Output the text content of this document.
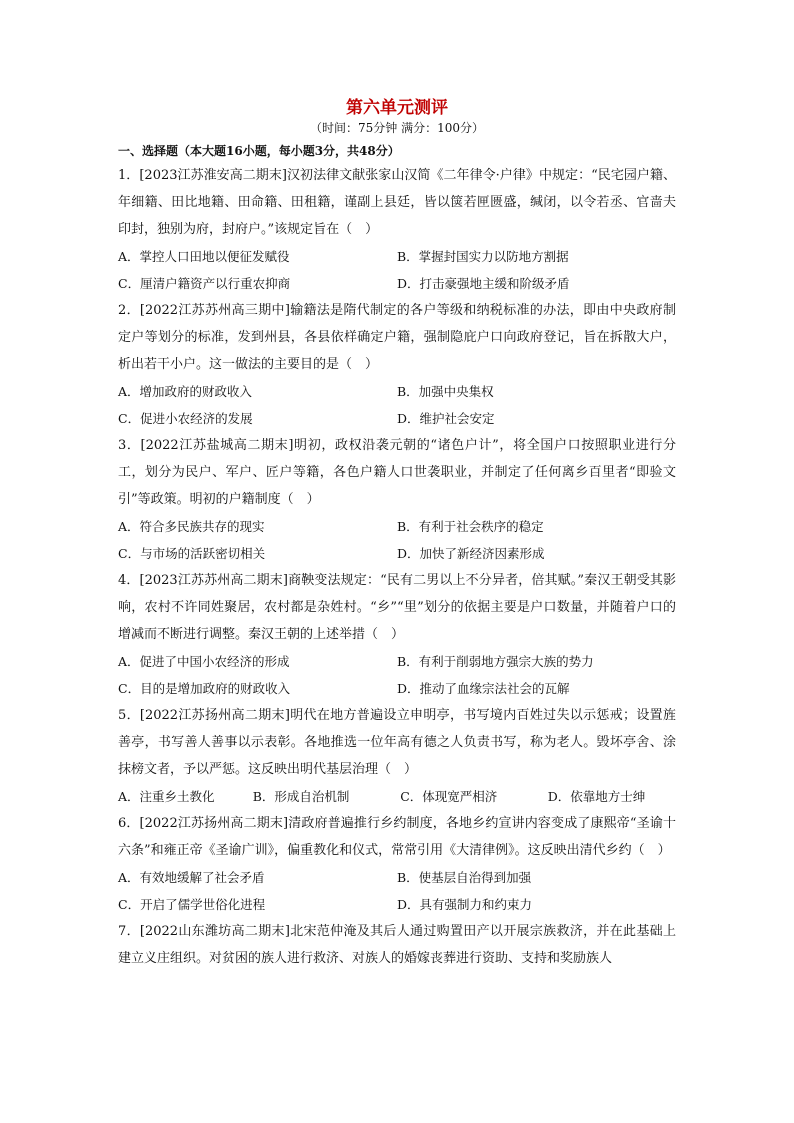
第六单元测评
（时间：75分钟 满分：100分）
一、选择题（本大题16小题，每小题3分，共48分）

1．[2023江苏淮安高二期末]汉初法律文献张家山汉简《二年律令·户律》中规定：“民宅园户籍、年细籍、田比地籍、田命籍、田租籍，谨副上县廷，皆以箧若匣匮盛，缄闭，以令若丞、官啬夫印封，独别为府，封府户。”该规定旨在（　）

A．掌控人口田地以便征发赋役	B．掌握封国实力以防地方割据
C．厘清户籍资产以行重农抑商	D．打击豪强地主缓和阶级矛盾

2．[2022江苏苏州高三期中]输籍法是隋代制定的各户等级和纳税标准的办法，即由中央政府制定户等划分的标准，发到州县，各县依样确定户籍，强制隐庇户口向政府登记，旨在拆散大户，析出若干小户。这一做法的主要目的是（　）

A．增加政府的财政收入	B．加强中央集权
C．促进小农经济的发展	D．维护社会安定

3．[2022江苏盐城高二期末]明初，政权沿袭元朝的“诸色户计”，将全国户口按照职业进行分工，划分为民户、军户、匠户等籍，各色户籍人口世袭职业，并制定了任何离乡百里者“即验文引”等政策。明初的户籍制度（　）

A．符合多民族共存的现实	B．有利于社会秩序的稳定
C．与市场的活跃密切相关	D．加快了新经济因素形成

4．[2023江苏苏州高二期末]商鞅变法规定：“民有二男以上不分异者，倍其赋。”秦汉王朝受其影响，农村不许同姓聚居，农村都是杂姓村。“乡”“里”划分的依据主要是户口数量，并随着户口的增减而不断进行调整。秦汉王朝的上述举措（　）

A．促进了中国小农经济的形成	B．有利于削弱地方强宗大族的势力
C．目的是增加政府的财政收入	D．推动了血缘宗法社会的瓦解

5．[2022江苏扬州高二期末]明代在地方普遍设立申明亭，书写境内百姓过失以示惩戒；设置旌善亭，书写善人善事以示表彰。各地推选一位年高有德之人负责书写，称为老人。毁坏亭舍、涂抹榜文者，予以严惩。这反映出明代基层治理（　）

A．注重乡土教化	B．形成自治机制	C．体现宽严相济	D．依靠地方士绅

6．[2022江苏扬州高二期末]清政府普遍推行乡约制度，各地乡约宣讲内容变成了康熙帝“圣谕十六条”和雍正帝《圣谕广训》，偏重教化和仪式，常常引用《大清律例》。这反映出清代乡约（　）

A．有效地缓解了社会矛盾	B．使基层自治得到加强
C．开启了儒学世俗化进程	D．具有强制力和约束力

7．[2022山东潍坊高二期末]北宋范仲淹及其后人通过购置田产以开展宗族救济，并在此基础上建立义庄组织。对贫困的族人进行救济、对族人的婚嫁丧葬进行资助、支持和奖励族人
